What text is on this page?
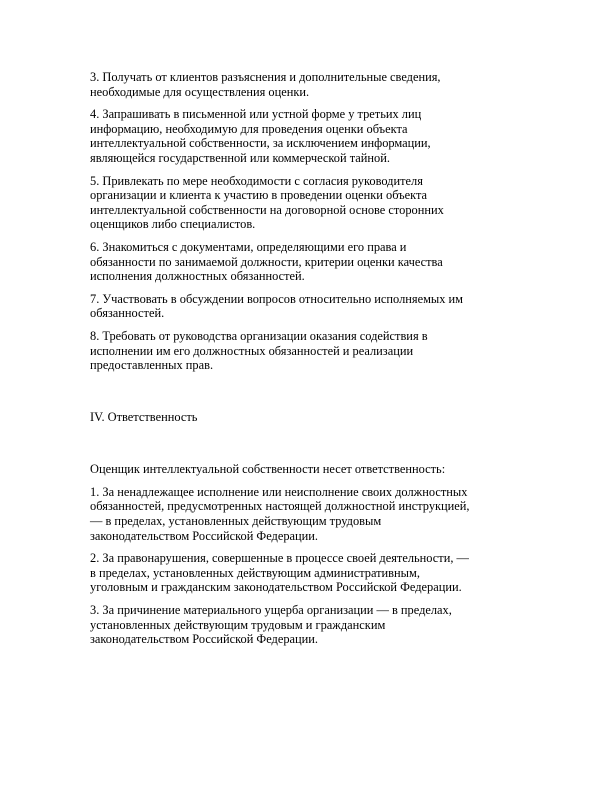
3. Получать от клиентов разъяснения и дополнительные сведения,
необходимые для осуществления оценки.

4. Запрашивать в письменной или устной форме у третьих лиц
информацию, необходимую для проведения оценки объекта
интеллектуальной собственности, за исключением информации,
являющейся государственной или коммерческой тайной.

5. Привлекать по мере необходимости с согласия руководителя
организации и клиента к участию в проведении оценки объекта
интеллектуальной собственности на договорной основе сторонних
оценщиков либо специалистов.

6. Знакомиться с документами, определяющими его права и
обязанности по занимаемой должности, критерии оценки качества
исполнения должностных обязанностей.

7. Участвовать в обсуждении вопросов относительно исполняемых им
обязанностей.

8. Требовать от руководства организации оказания содействия в
исполнении им его должностных обязанностей и реализации
предоставленных прав.

IV. Ответственность

Оценщик интеллектуальной собственности несет ответственность:

1. За ненадлежащее исполнение или неисполнение своих должностных
обязанностей, предусмотренных настоящей должностной инструкцией,
— в пределах, установленных действующим трудовым
законодательством Российской Федерации.

2. За правонарушения, совершенные в процессе своей деятельности, —
в пределах, установленных действующим административным,
уголовным и гражданским законодательством Российской Федерации.

3. За причинение материального ущерба организации — в пределах,
установленных действующим трудовым и гражданским
законодательством Российской Федерации.
